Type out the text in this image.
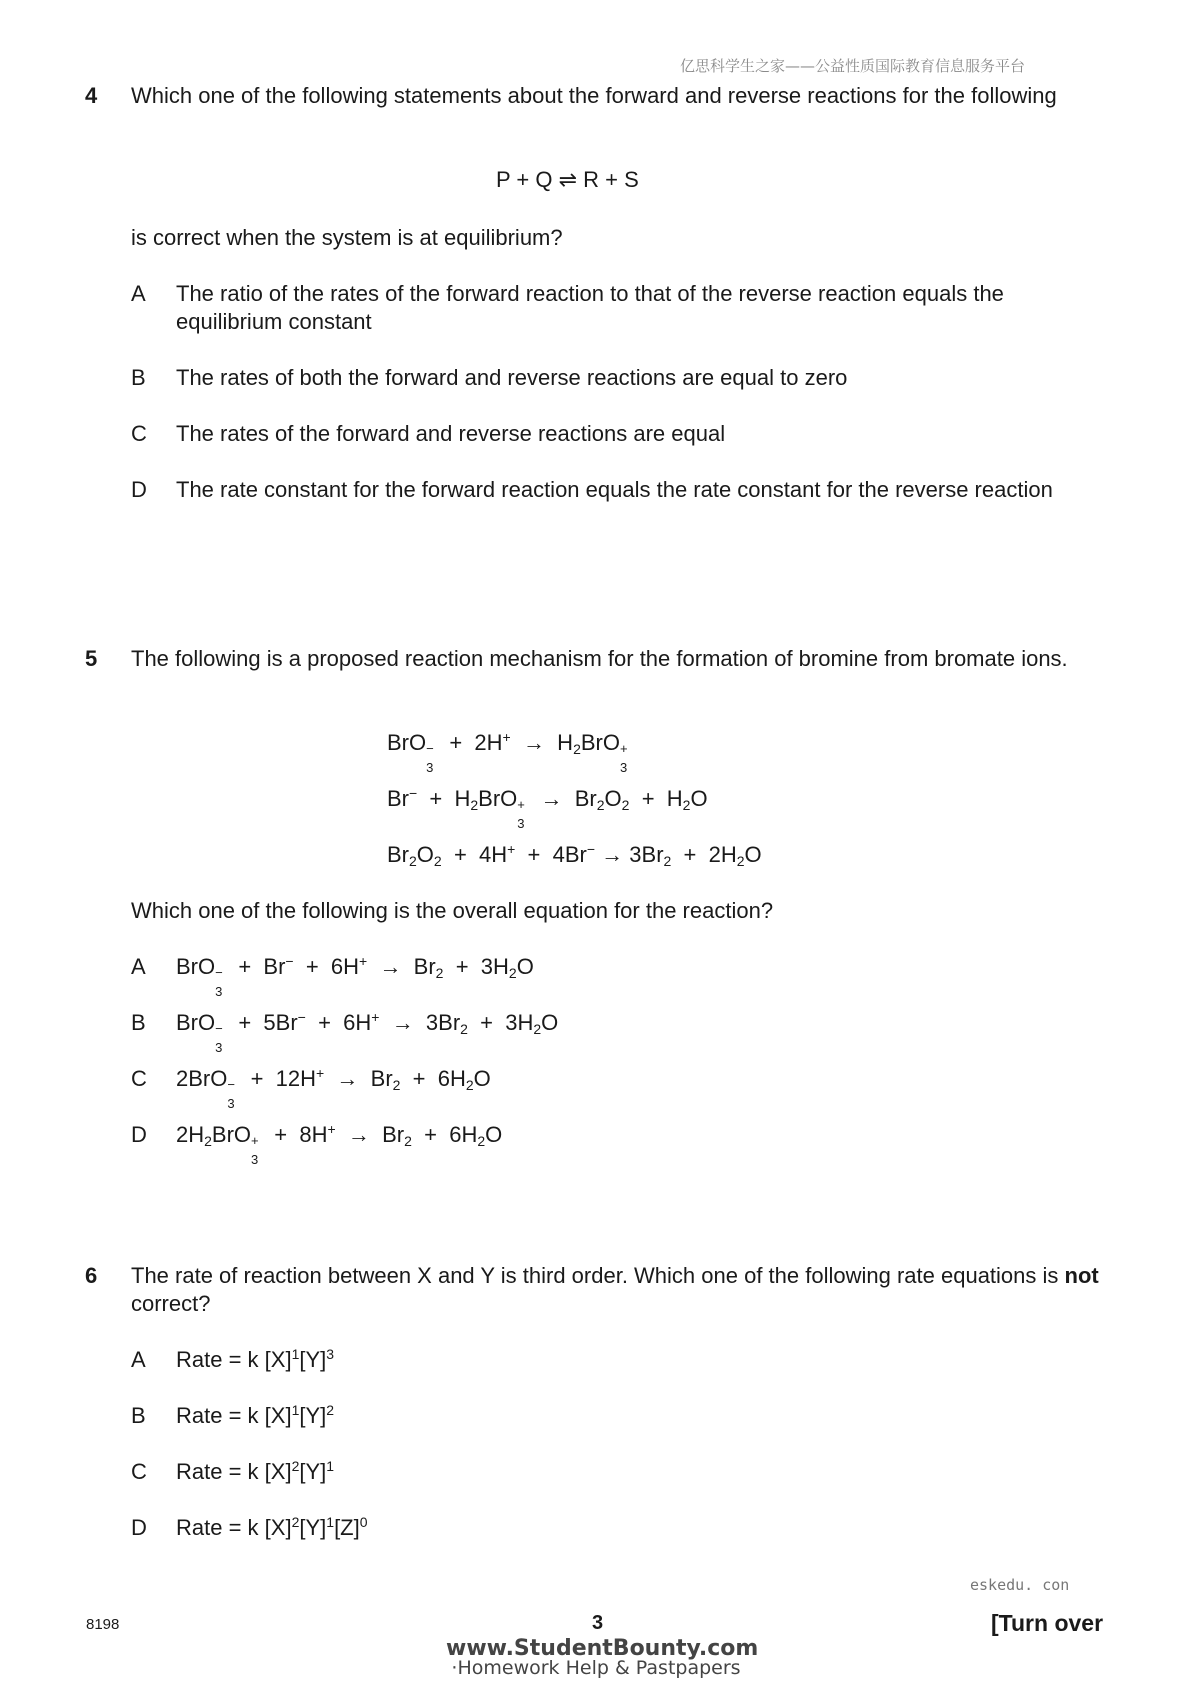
亿思科学生之家——公益性质国际教育信息服务平台
4 Which one of the following statements about the forward and reverse reactions for the following
P + Q ⇌ R + S
is correct when the system is at equilibrium?
A The ratio of the rates of the forward reaction to that of the reverse reaction equals the equilibrium constant
B The rates of both the forward and reverse reactions are equal to zero
C The rates of the forward and reverse reactions are equal
D The rate constant for the forward reaction equals the rate constant for the reverse reaction
5 The following is a proposed reaction mechanism for the formation of bromine from bromate ions.
BrO −
3
+  $2H^+ \to H_2BrO$ +
3
$Br^- + H_2BrO$ +
3
→  $Br_2O_2 + H_2O$
$Br_2O_2 + 4H^+ + 4Br^- \to 3Br_2 + 2H_2O$
Which one of the following is the overall equation for the reaction?
A BrO −
3
+  $Br^- + 6H^+ \to Br_2 + 3H_2O$
B BrO −
3
+  $5Br^- + 6H^+ \to 3Br_2 + 3H_2O$
C 2BrO −
3
+  $12H^+ \to Br_2 + 6H_2O$
D $2H_2BrO$ +
3
+  $8H^+ \to Br_2 + 6H_2O$
6 The rate of reaction between X and Y is third order. Which one of the following rate equations is not correct?
A Rate = k $[X]^1[Y]^3$
B Rate = k $[X]^1[Y]^2$
C Rate = k $[X]^2[Y]^1$
D Rate = k $[X]^2[Y]^1[Z]^0$
eskedu. con
8198	3	[Turn over
www.StudentBounty.com
·Homework Help & Pastpapers
